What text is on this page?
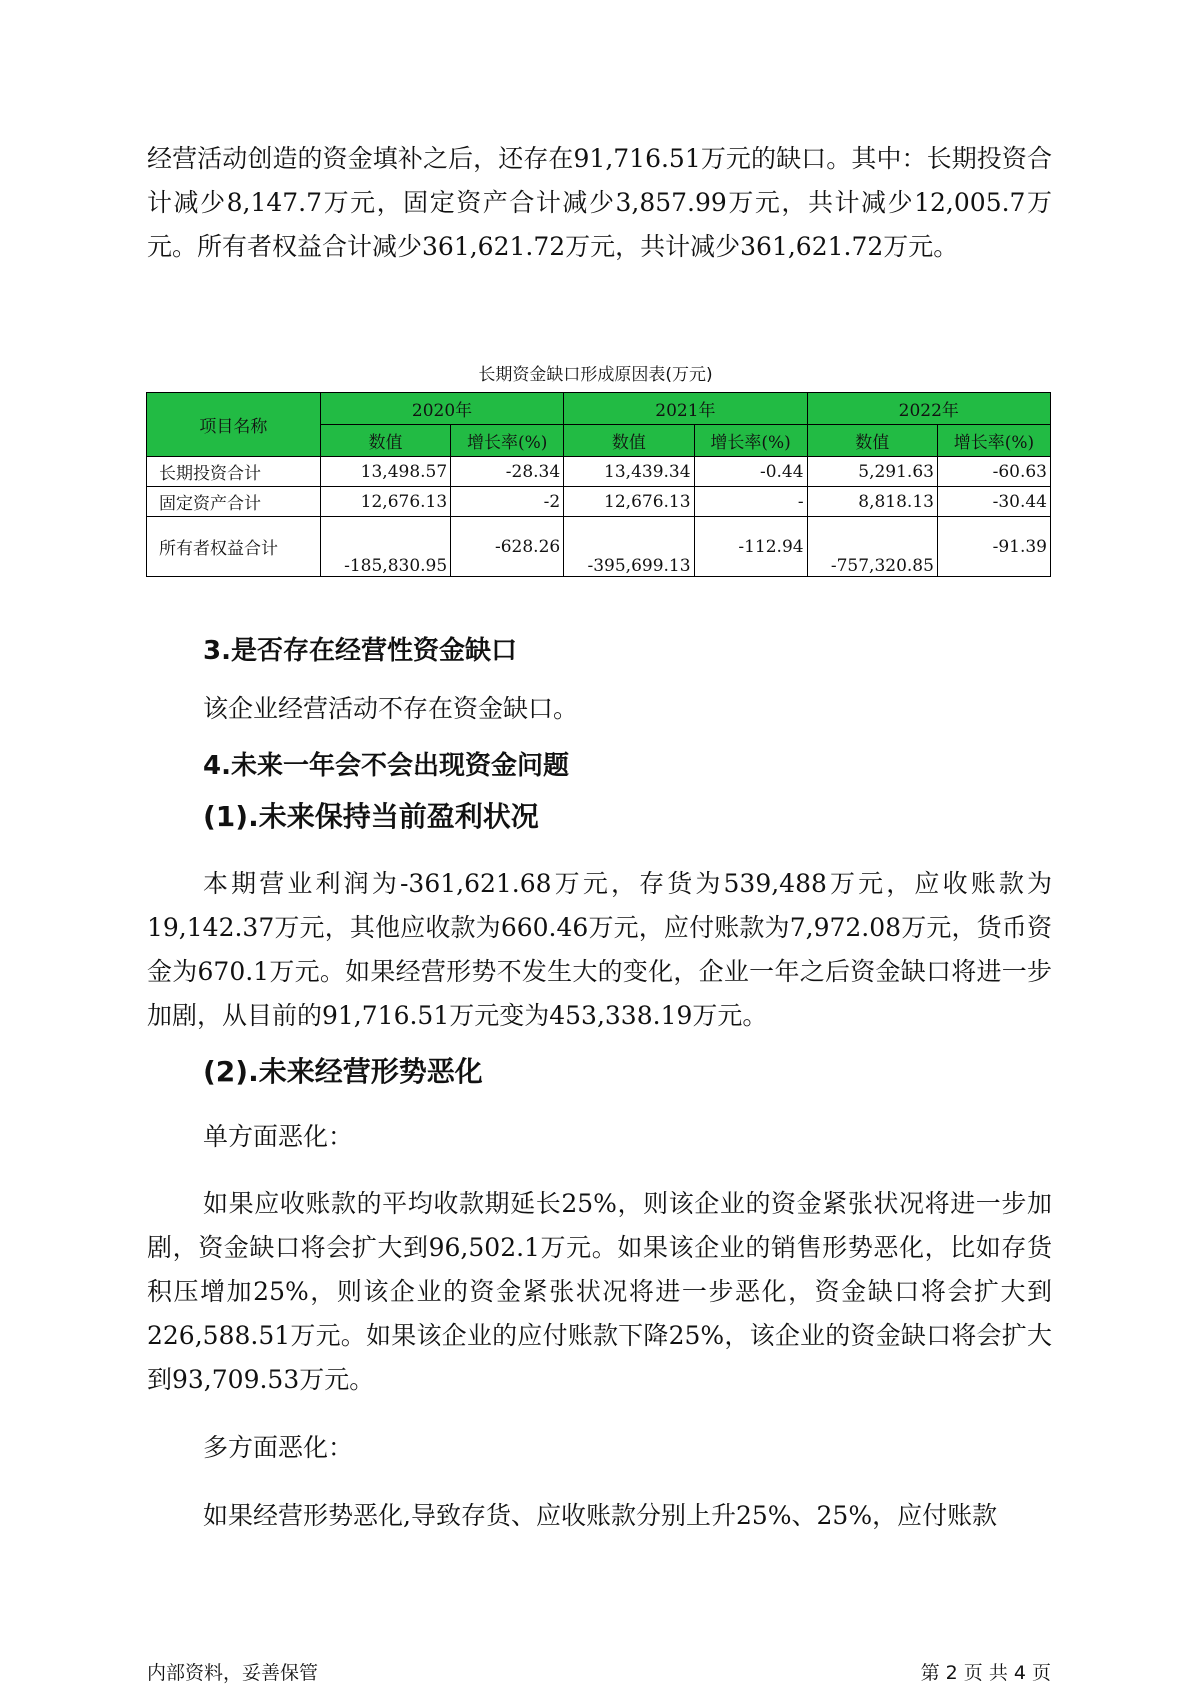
经营活动创造的资金填补之后，还存在91,716.51万元的缺口。其中：长期投资合计减少8,147.7万元，固定资产合计减少3,857.99万元，共计减少12,005.7万元。所有者权益合计减少361,621.72万元，共计减少361,621.72万元。

长期资金缺口形成原因表(万元)
项目名称	2020年		2021年		2022年	
	数值	增长率(%)	数值	增长率(%)	数值	增长率(%)
长期投资合计	13,498.57	-28.34	13,439.34	-0.44	5,291.63	-60.63
固定资产合计	12,676.13	-2	12,676.13	-	8,818.13	-30.44
所有者权益合计	-185,830.95	-628.26	-395,699.13	-112.94	-757,320.85	-91.39
3.是否存在经营性资金缺口

该企业经营活动不存在资金缺口。

4.未来一年会不会出现资金问题
(1).未来保持当前盈利状况

本期营业利润为-361,621.68万元，存货为539,488万元，应收账款为19,142.37万元，其他应收款为660.46万元，应付账款为7,972.08万元，货币资金为670.1万元。如果经营形势不发生大的变化，企业一年之后资金缺口将进一步加剧，从目前的91,716.51万元变为453,338.19万元。

(2).未来经营形势恶化

单方面恶化：

如果应收账款的平均收款期延长25%，则该企业的资金紧张状况将进一步加剧，资金缺口将会扩大到96,502.1万元。如果该企业的销售形势恶化，比如存货积压增加25%，则该企业的资金紧张状况将进一步恶化，资金缺口将会扩大到226,588.51万元。如果该企业的应付账款下降25%，该企业的资金缺口将会扩大到93,709.53万元。

多方面恶化：

如果经营形势恶化,导致存货、应收账款分别上升25%、25%，应付账款

内部资料，妥善保管	第 2 页 共 4 页
